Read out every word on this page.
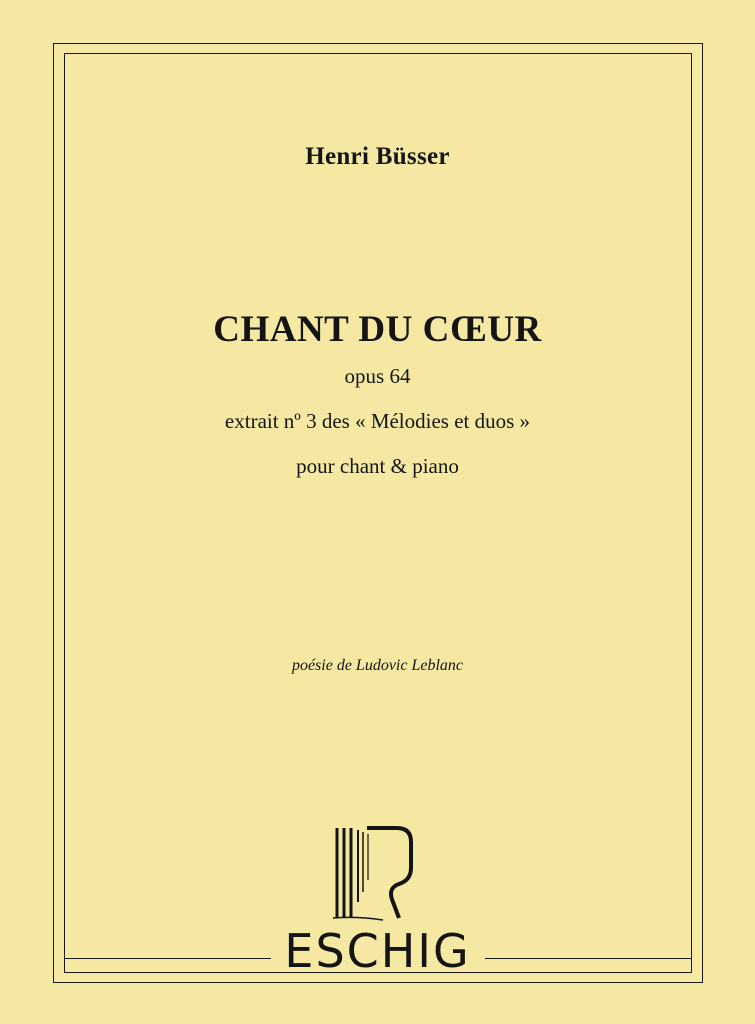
Henri Büsser

CHANT DU CŒUR

opus 64

extrait nº 3 des « Mélodies et duos »

pour chant & piano

poésie de Ludovic Leblanc

ESCHIG
